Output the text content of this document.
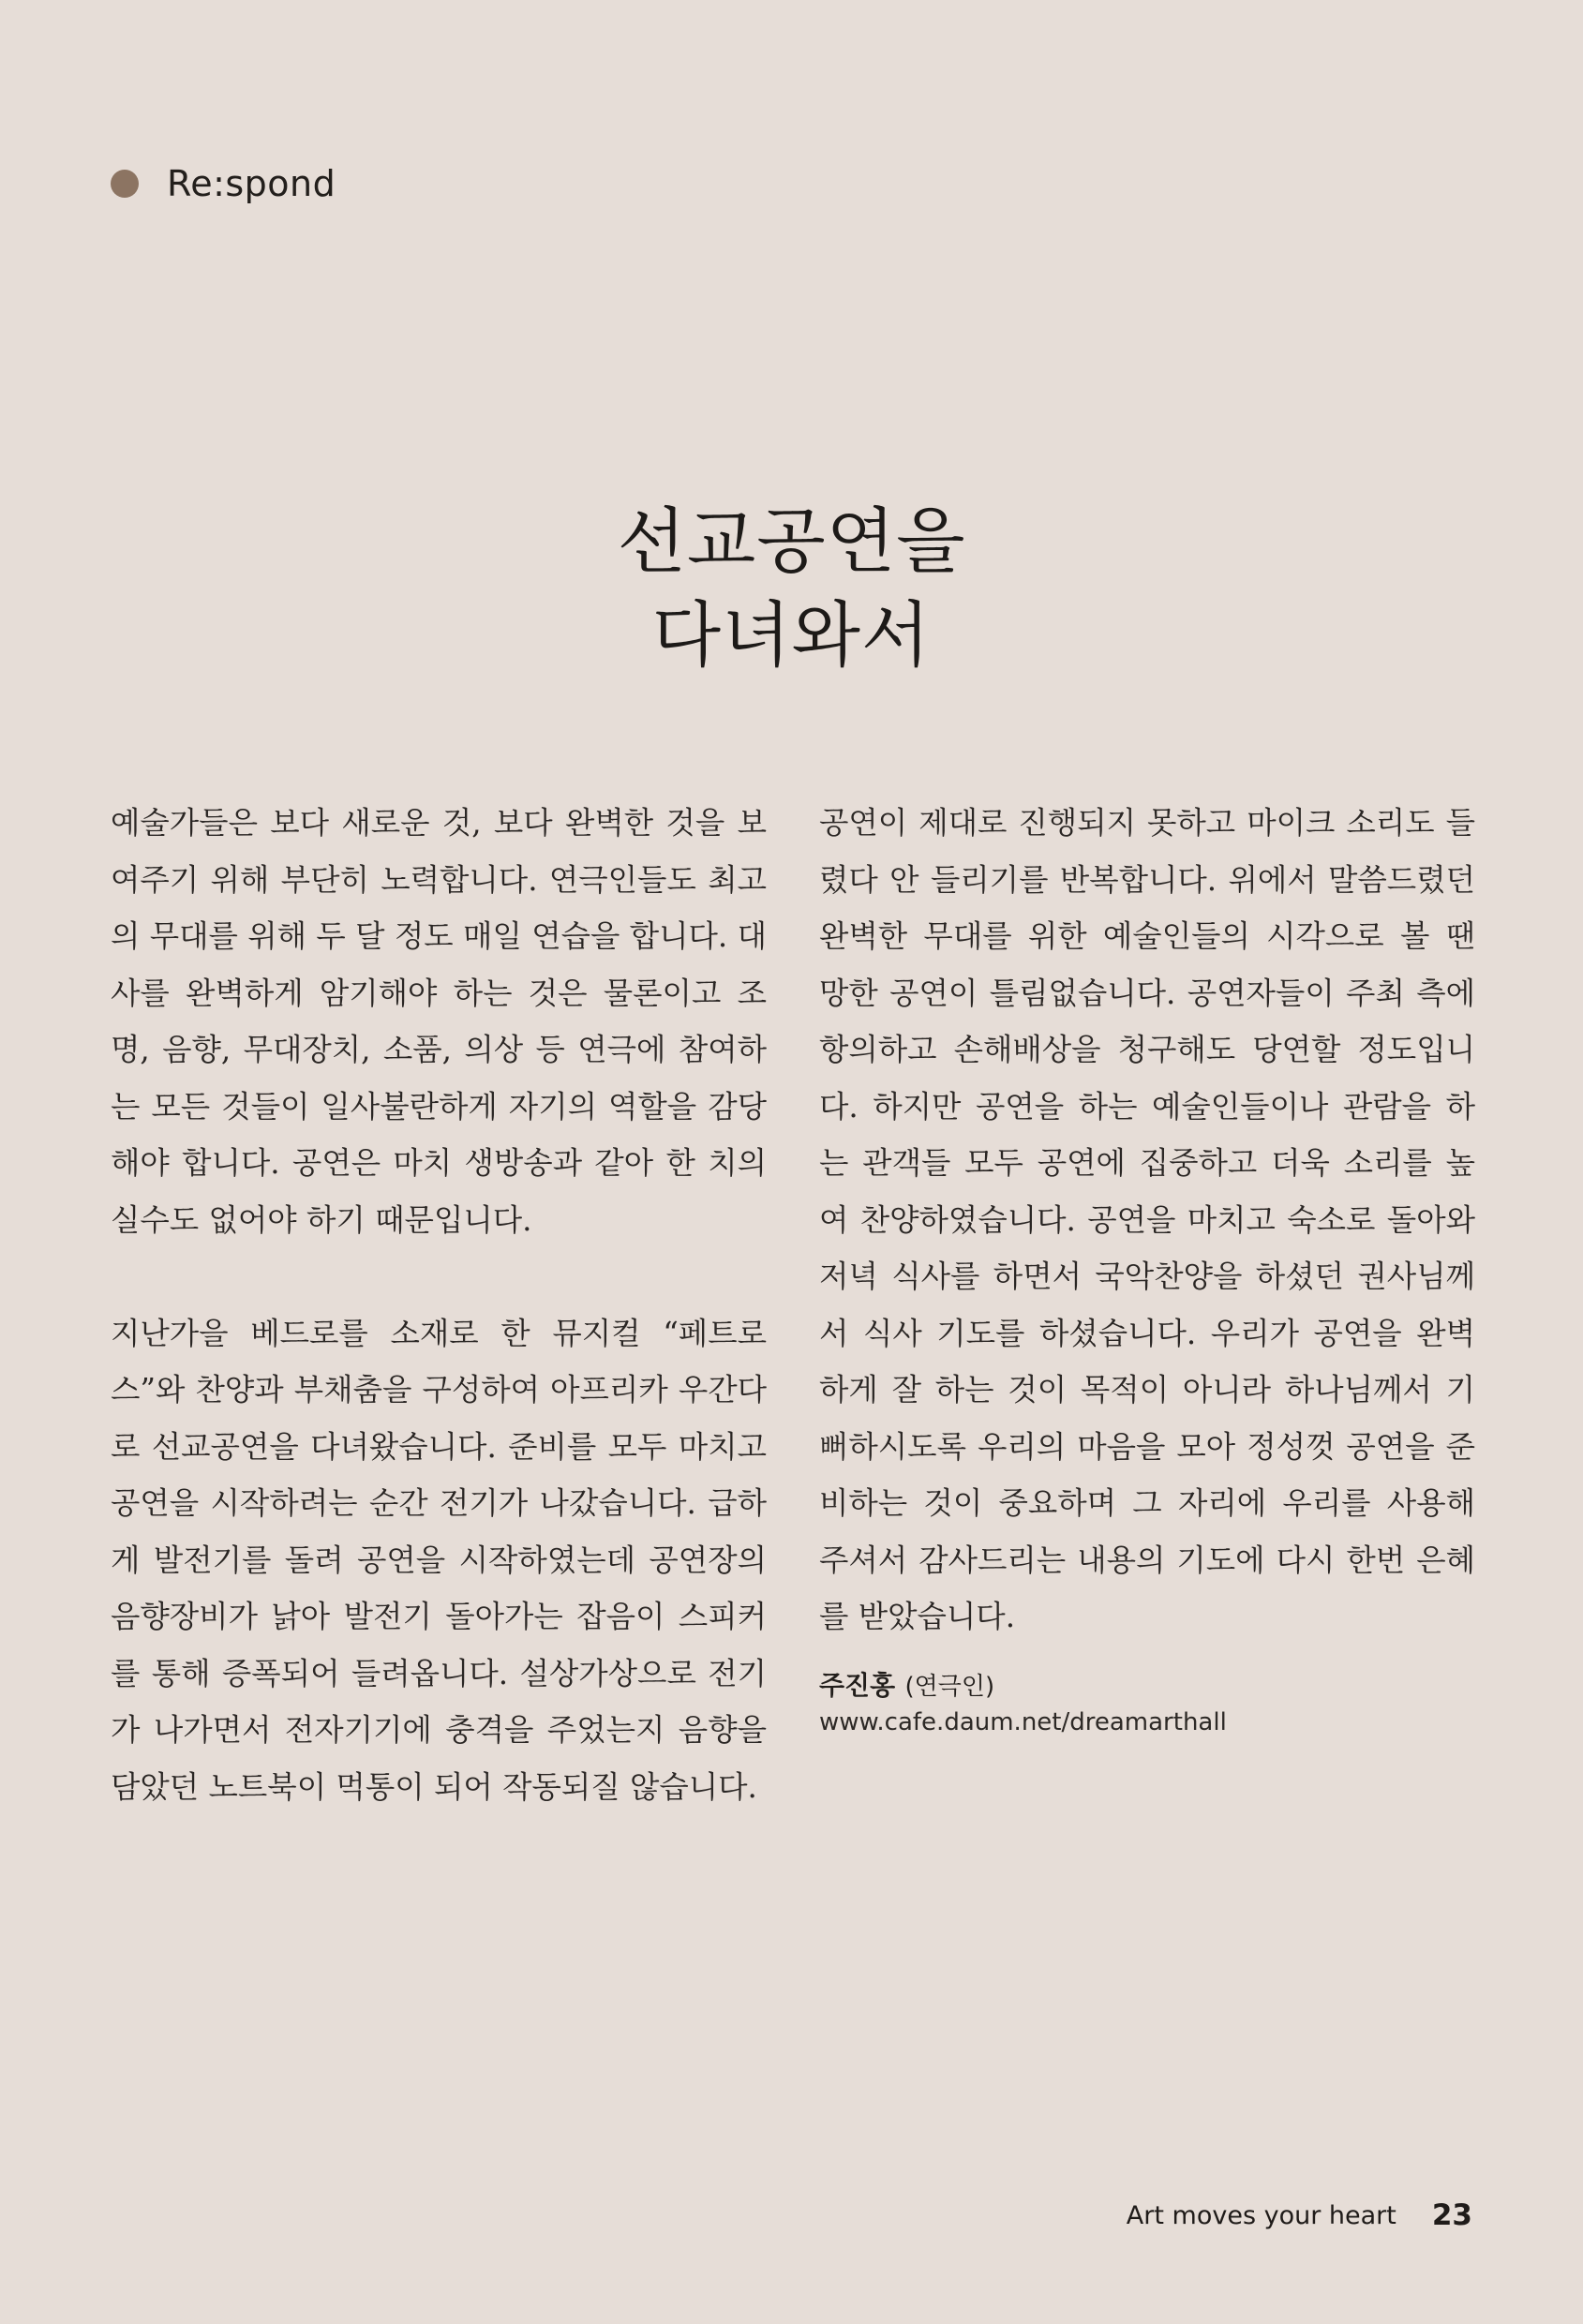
Re:spond
선교공연을
다녀와서

예술가들은 보다 새로운 것, 보다 완벽한 것을 보여주기 위해 부단히 노력합니다. 연극인들도 최고의 무대를 위해 두 달 정도 매일 연습을 합니다. 대사를 완벽하게 암기해야 하는 것은 물론이고 조명, 음향, 무대장치, 소품, 의상 등 연극에 참여하는 모든 것들이 일사불란하게 자기의 역할을 감당해야 합니다. 공연은 마치 생방송과 같아 한 치의 실수도 없어야 하기 때문입니다.

지난가을 베드로를 소재로 한 뮤지컬 “페트로스”와 찬양과 부채춤을 구성하여 아프리카 우간다로 선교공연을 다녀왔습니다. 준비를 모두 마치고 공연을 시작하려는 순간 전기가 나갔습니다. 급하게 발전기를 돌려 공연을 시작하였는데 공연장의 음향장비가 낡아 발전기 돌아가는 잡음이 스피커를 통해 증폭되어 들려옵니다. 설상가상으로 전기가 나가면서 전자기기에 충격을 주었는지 음향을 담았던 노트북이 먹통이 되어 작동되질 않습니다.

공연이 제대로 진행되지 못하고 마이크 소리도 들렸다 안 들리기를 반복합니다. 위에서 말씀드렸던 완벽한 무대를 위한 예술인들의 시각으로 볼 땐 망한 공연이 틀림없습니다. 공연자들이 주최 측에 항의하고 손해배상을 청구해도 당연할 정도입니다. 하지만 공연을 하는 예술인들이나 관람을 하는 관객들 모두 공연에 집중하고 더욱 소리를 높여 찬양하였습니다. 공연을 마치고 숙소로 돌아와 저녁 식사를 하면서 국악찬양을 하셨던 권사님께서 식사 기도를 하셨습니다. 우리가 공연을 완벽하게 잘 하는 것이 목적이 아니라 하나님께서 기뻐하시도록 우리의 마음을 모아 정성껏 공연을 준비하는 것이 중요하며 그 자리에 우리를 사용해 주셔서 감사드리는 내용의 기도에 다시 한번 은혜를 받았습니다.

주진홍 (연극인)
www.cafe.daum.net/dreamarthall
Art moves your heart 23
